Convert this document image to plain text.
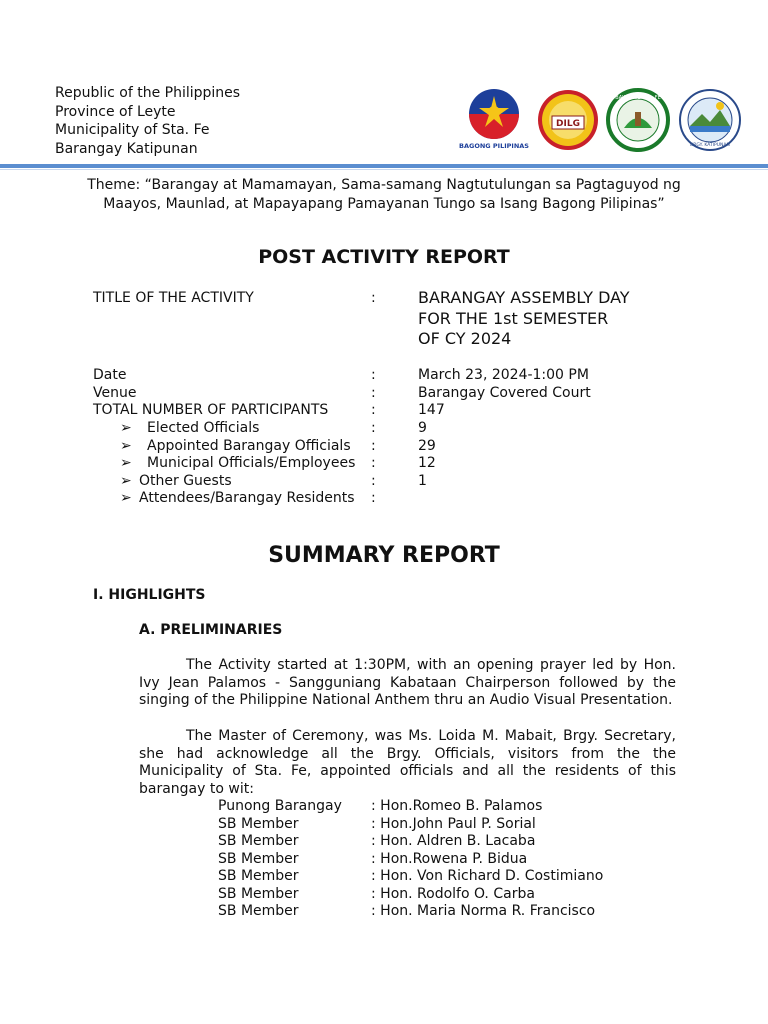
Republic of the Philippines
Province of Leyte
Municipality of Sta. Fe
Barangay Katipunan	BAGONG PILIPINAS
DILG
BAYAN NG STA. FE
BRGY. KATIPUNAN
Theme: “Barangay at Mamamayan, Sama-samang Nagtutulungan sa Pagtaguyod ng
Maayos, Maunlad, at Mapayapang Pamayanan Tungo sa Isang Bagong Pilipinas”
POST ACTIVITY REPORT
TITLE OF THE ACTIVITY	:	BARANGAY ASSEMBLY DAY
FOR THE 1st SEMESTER
OF CY 2024
Date	:	March 23, 2024-1:00 PM
Venue	:	Barangay Covered Court
TOTAL NUMBER OF PARTICIPANTS	:	147
➢ Elected Officials	:	9
➢ Appointed Barangay Officials :	29
➢ Municipal Officials/Employees :	12
➢ Other Guests	:	1
➢ Attendees/Barangay Residents :
SUMMARY REPORT
I. HIGHLIGHTS
A. PRELIMINARIES
The Activity started at 1:30PM, with an opening prayer led by Hon. Ivy Jean Palamos - Sangguniang Kabataan Chairperson followed by the singing of the Philippine National Anthem thru an Audio Visual Presentation.
The Master of Ceremony, was Ms. Loida M. Mabait, Brgy. Secretary, she had acknowledge all the Brgy. Officials, visitors from the the Municipality of Sta. Fe, appointed officials and all the residents of this barangay to wit:
Punong Barangay : Hon.Romeo B. Palamos
SB Member	: Hon.John Paul P. Sorial
SB Member	: Hon. Aldren B. Lacaba
SB Member	: Hon.Rowena P. Bidua
SB Member	: Hon. Von Richard D. Costimiano
SB Member	: Hon. Rodolfo O. Carba
SB Member	: Hon. Maria Norma R. Francisco
